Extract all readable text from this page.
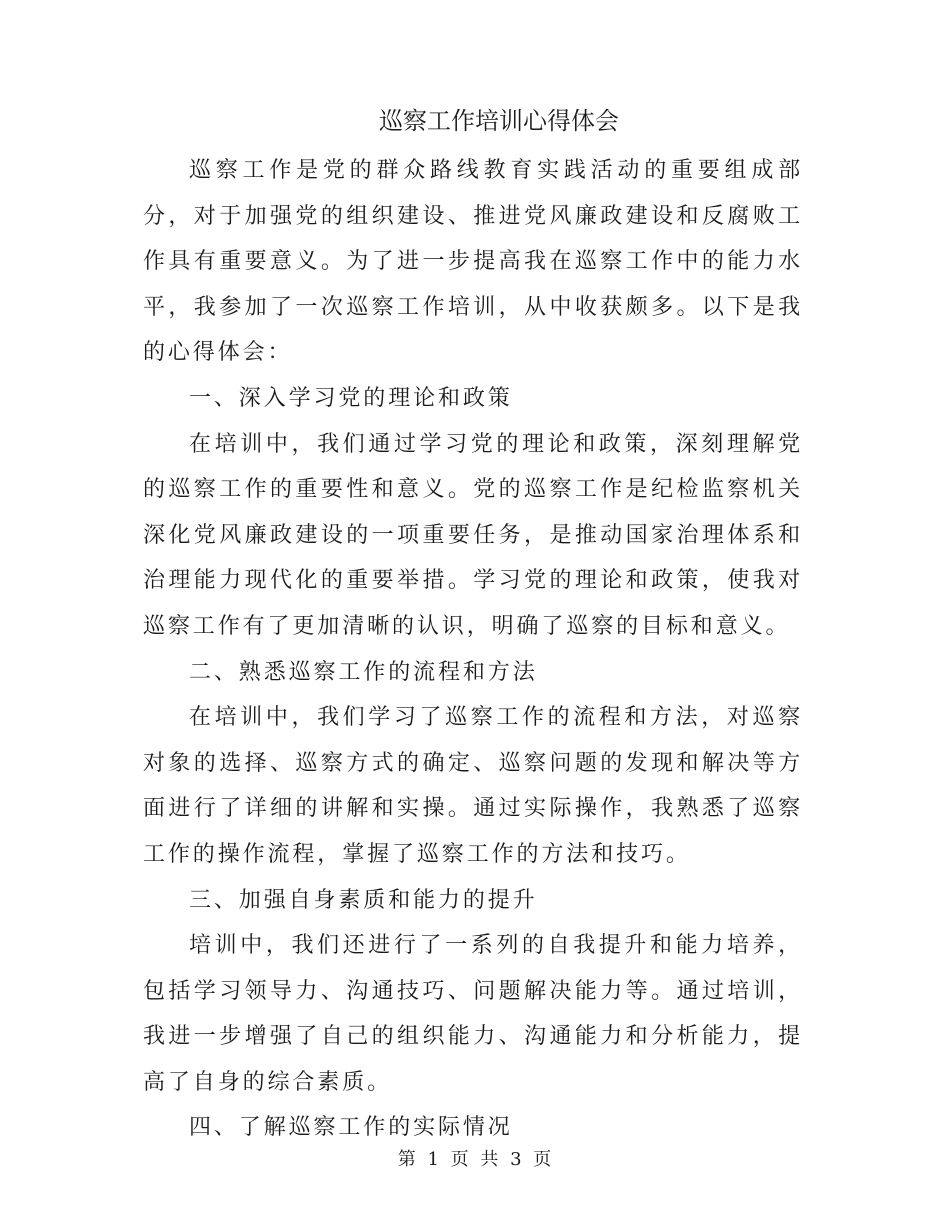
巡察工作培训心得体会

巡察工作是党的群众路线教育实践活动的重要组成部分，对于加强党的组织建设、推进党风廉政建设和反腐败工作具有重要意义。为了进一步提高我在巡察工作中的能力水平，我参加了一次巡察工作培训，从中收获颇多。以下是我的心得体会：

一、深入学习党的理论和政策

在培训中，我们通过学习党的理论和政策，深刻理解党的巡察工作的重要性和意义。党的巡察工作是纪检监察机关深化党风廉政建设的一项重要任务，是推动国家治理体系和治理能力现代化的重要举措。学习党的理论和政策，使我对巡察工作有了更加清晰的认识，明确了巡察的目标和意义。

二、熟悉巡察工作的流程和方法

在培训中，我们学习了巡察工作的流程和方法，对巡察对象的选择、巡察方式的确定、巡察问题的发现和解决等方面进行了详细的讲解和实操。通过实际操作，我熟悉了巡察工作的操作流程，掌握了巡察工作的方法和技巧。

三、加强自身素质和能力的提升

培训中，我们还进行了一系列的自我提升和能力培养，包括学习领导力、沟通技巧、问题解决能力等。通过培训，我进一步增强了自己的组织能力、沟通能力和分析能力，提高了自身的综合素质。

四、了解巡察工作的实际情况

第 1 页 共 3 页
